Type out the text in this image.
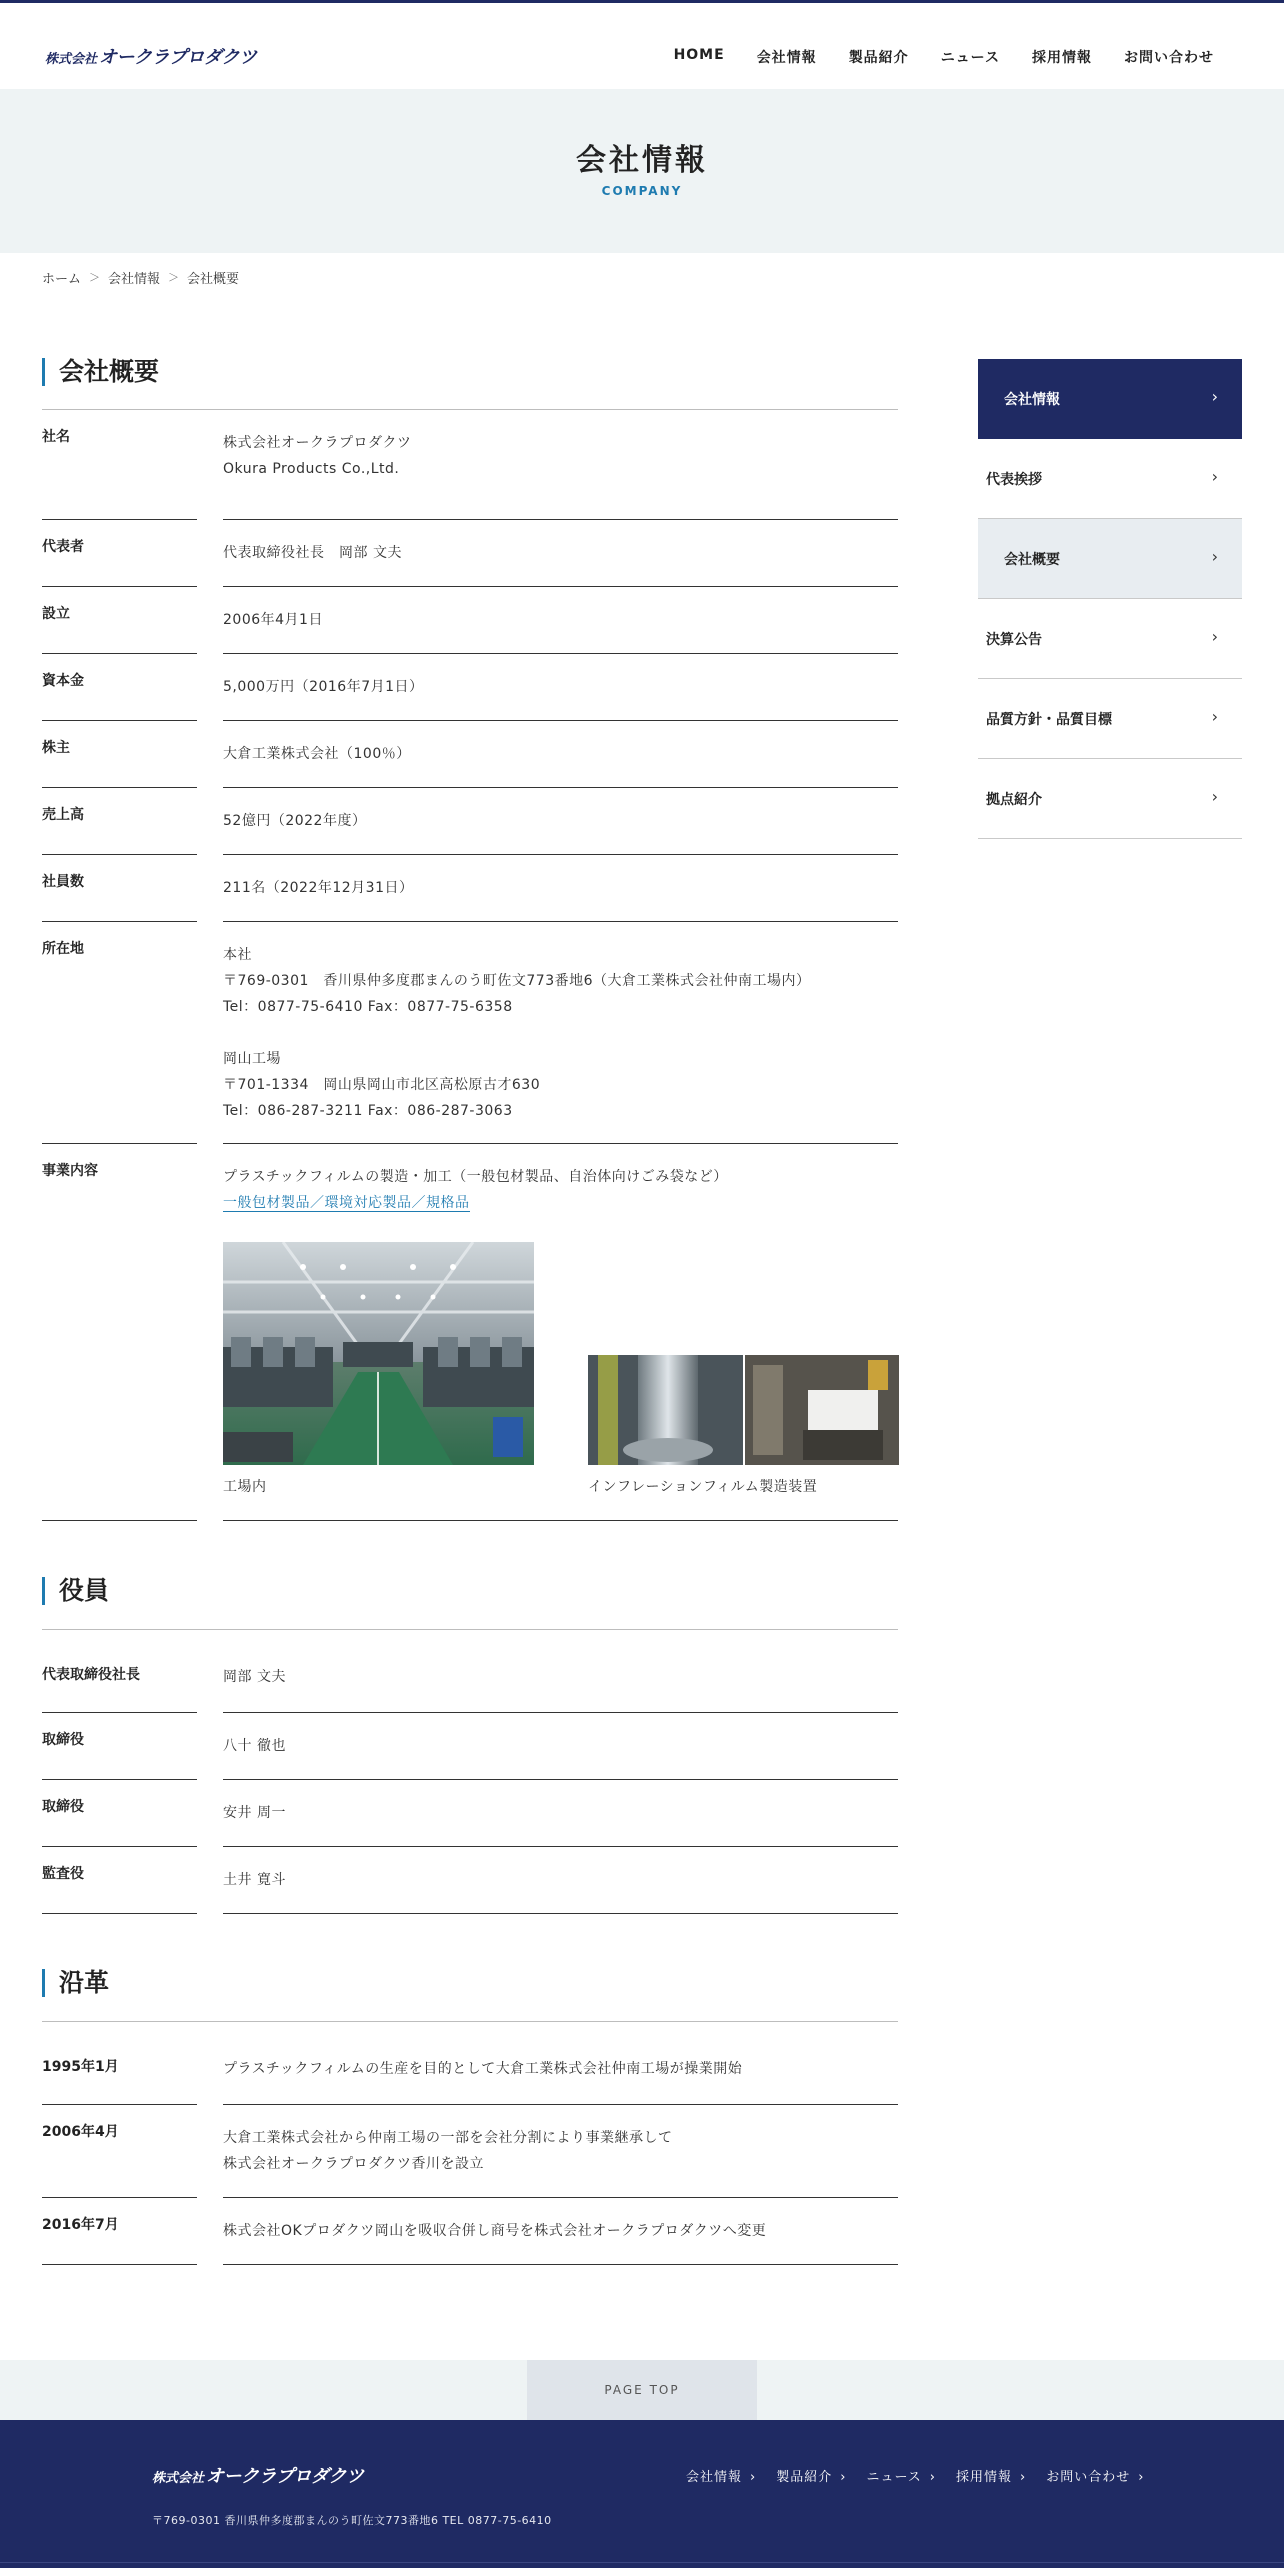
株式会社 オークラプロダクツ	HOME 会社情報 製品紹介 ニュース 採用情報 お問い合わせ
会社情報
COMPANY
ホーム ＞ 会社情報 ＞ 会社概要
会社概要
社名	株式会社オークラプロダクツ
Okura Products Co.,Ltd.
代表者	代表取締役社長　岡部 文夫
設立	2006年4月1日
資本金	5,000万円（2016年7月1日）
株主	大倉工業株式会社（100％）
売上高	52億円（2022年度）
社員数	211名（2022年12月31日）
所在地	本社
〒769-0301　香川県仲多度郡まんのう町佐文773番地6（大倉工業株式会社仲南工場内）
Tel：0877-75-6410 Fax：0877-75-6358
岡山工場
〒701-1334　岡山県岡山市北区高松原古才630
Tel：086-287-3211 Fax：086-287-3063
事業内容	プラスチックフィルムの製造・加工（一般包材製品、自治体向けごみ袋など）
一般包材製品／環境対応製品／規格品
工場内	インフレーションフィルム製造装置
役員
代表取締役社長	岡部 文夫
取締役	八十 徹也
取締役	安井 周一
監査役	土井 寛斗
沿革
1995年1月	プラスチックフィルムの生産を目的として大倉工業株式会社仲南工場が操業開始
2006年4月	大倉工業株式会社から仲南工場の一部を会社分割により事業継承して
株式会社オークラプロダクツ香川を設立
2016年7月	株式会社OKプロダクツ岡山を吸収合併し商号を株式会社オークラプロダクツへ変更
会社情報	›
代表挨拶	›
会社概要	›
決算公告	›
品質方針・品質目標	›
拠点紹介	›
PAGE TOP
株式会社 オークラプロダクツ
〒769-0301 香川県仲多度郡まんのう町佐文773番地6 TEL 0877-75-6410
会社情報 › 製品紹介 › ニュース › 採用情報 › お問い合わせ ›
